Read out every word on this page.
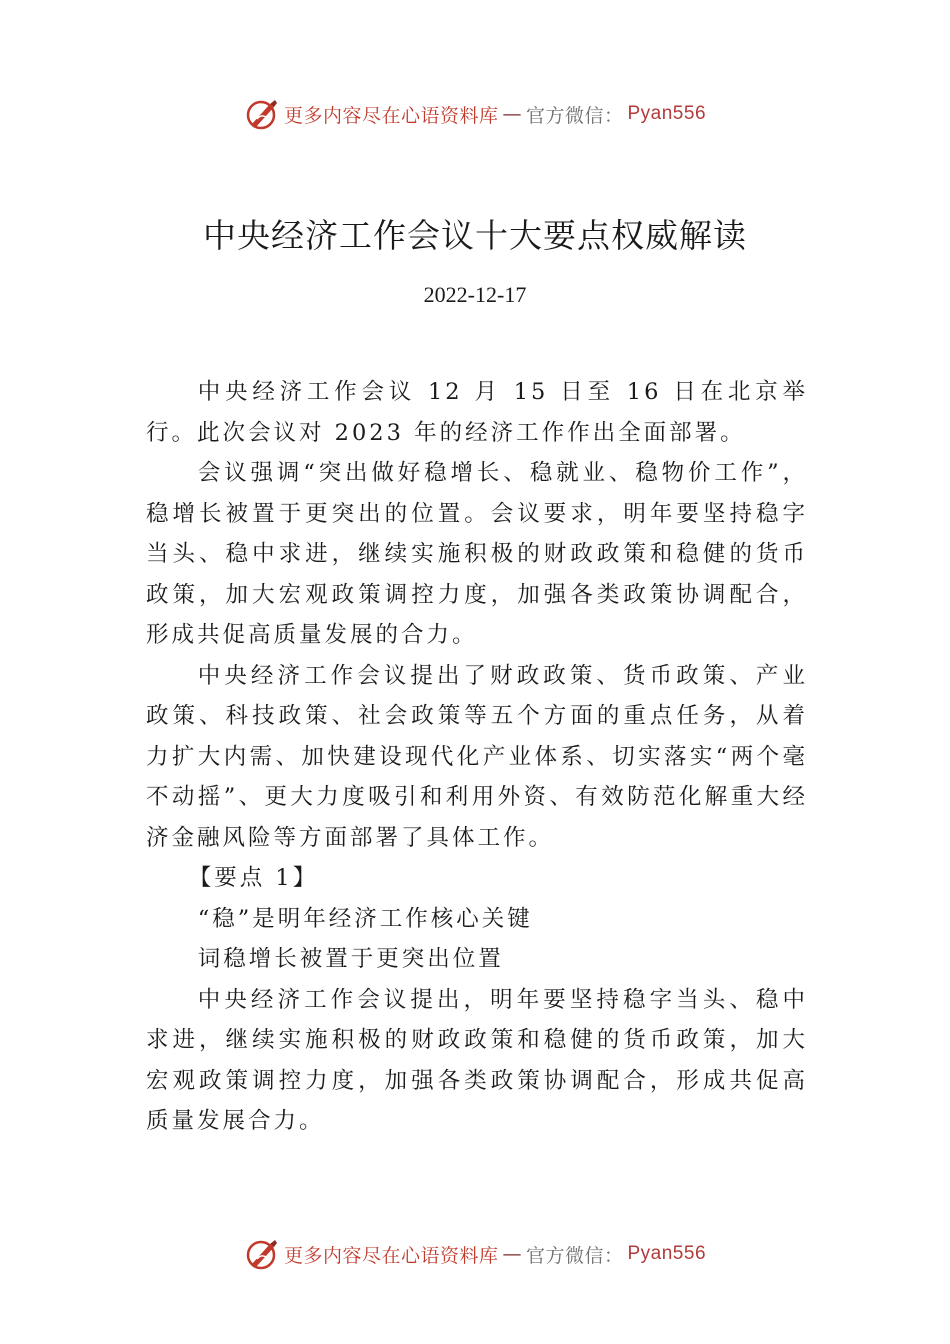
更多内容尽在心语资料库 — 官方微信： Pyan556
中央经济工作会议十大要点权威解读
2022-12-17

中央经济工作会议 12 月 15 日至 16 日在北京举行。此次会议对 2023 年的经济工作作出全面部署。

会议强调“突出做好稳增长、稳就业、稳物价工作”，稳增长被置于更突出的位置。会议要求，明年要坚持稳字当头、稳中求进，继续实施积极的财政政策和稳健的货币政策，加大宏观政策调控力度，加强各类政策协调配合，形成共促高质量发展的合力。

中央经济工作会议提出了财政政策、货币政策、产业政策、科技政策、社会政策等五个方面的重点任务，从着力扩大内需、加快建设现代化产业体系、切实落实“两个毫不动摇”、更大力度吸引和利用外资、有效防范化解重大经济金融风险等方面部署了具体工作。

【要点 1】

“稳”是明年经济工作核心关键

词稳增长被置于更突出位置

中央经济工作会议提出，明年要坚持稳字当头、稳中求进，继续实施积极的财政政策和稳健的货币政策，加大宏观政策调控力度，加强各类政策协调配合，形成共促高质量发展合力。

更多内容尽在心语资料库 — 官方微信： Pyan556
